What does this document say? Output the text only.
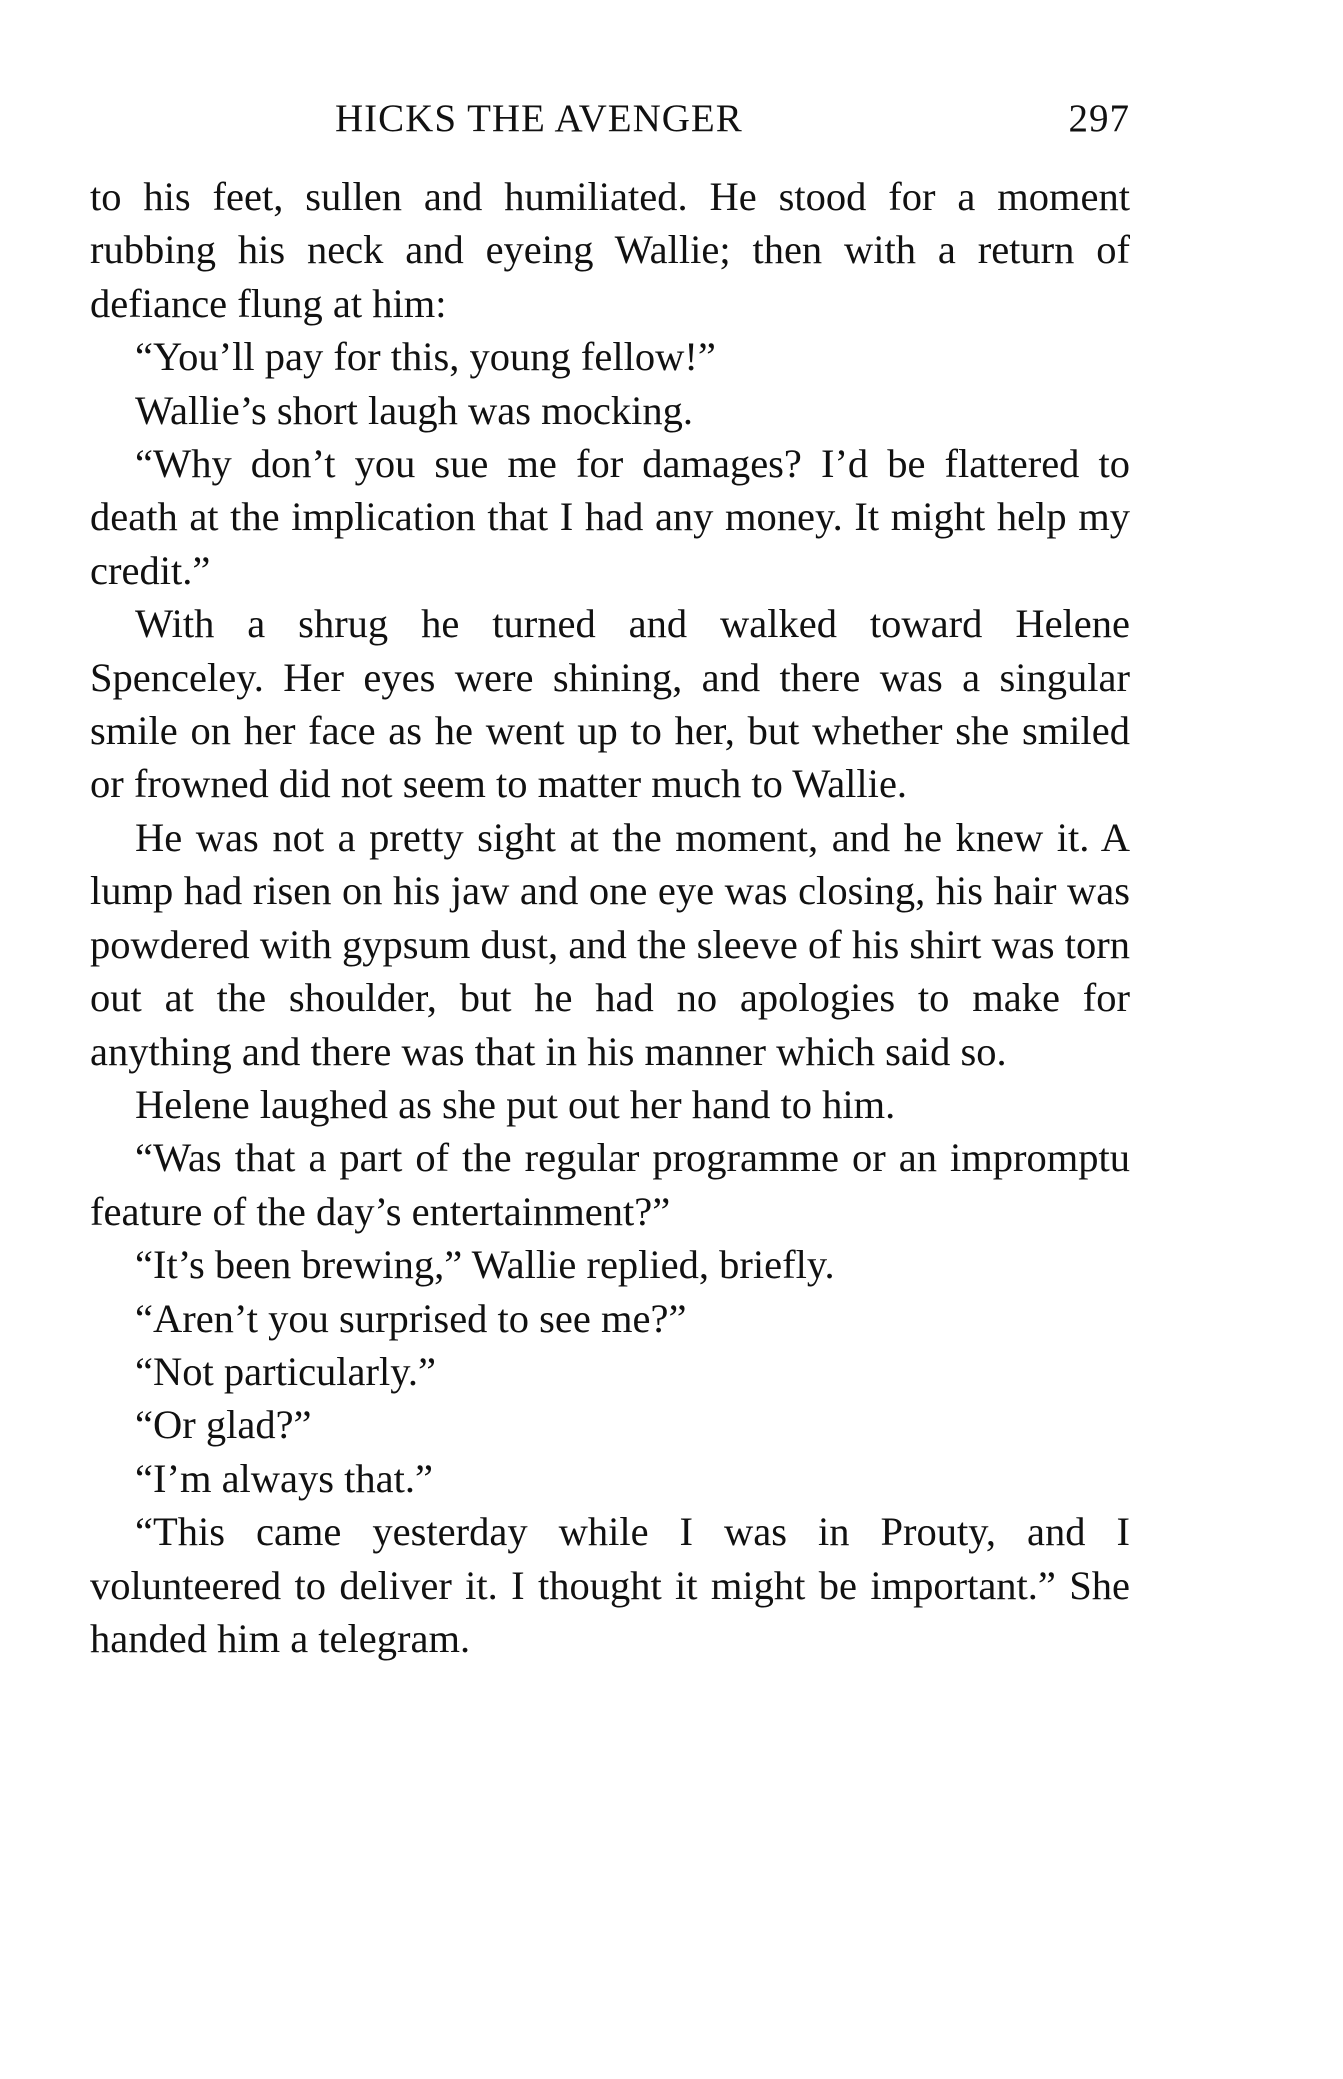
HICKS THE AVENGER	297

to his feet, sullen and humiliated. He stood for a moment rubbing his neck and eyeing Wallie; then with a return of defiance flung at him:

“You’ll pay for this, young fellow!”

Wallie’s short laugh was mocking.

“Why don’t you sue me for damages? I’d be flattered to death at the implication that I had any money. It might help my credit.”

With a shrug he turned and walked toward Helene Spenceley. Her eyes were shining, and there was a singular smile on her face as he went up to her, but whether she smiled or frowned did not seem to matter much to Wallie.

He was not a pretty sight at the moment, and he knew it. A lump had risen on his jaw and one eye was closing, his hair was powdered with gypsum dust, and the sleeve of his shirt was torn out at the shoulder, but he had no apologies to make for anything and there was that in his manner which said so.

Helene laughed as she put out her hand to him.

“Was that a part of the regular programme or an impromptu feature of the day’s entertainment?”

“It’s been brewing,” Wallie replied, briefly.

“Aren’t you surprised to see me?”

“Not particularly.”

“Or glad?”

“I’m always that.”

“This came yesterday while I was in Prouty, and I volunteered to deliver it. I thought it might be important.” She handed him a telegram.
